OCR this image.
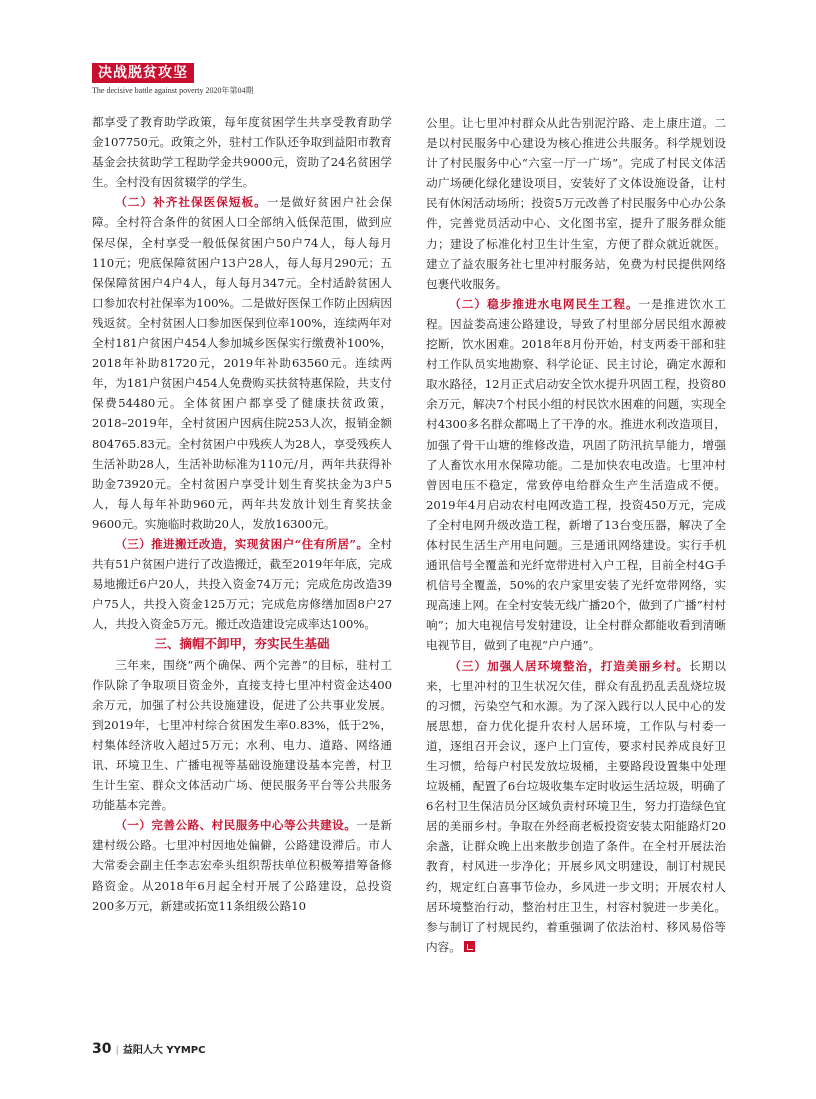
决战脱贫攻坚
The decisive battle against poverty 2020年第04期

都享受了教育助学政策，每年度贫困学生共享受教育助学金107750元。政策之外，驻村工作队还争取到益阳市教育基金会扶贫助学工程助学金共9000元，资助了24名贫困学生。全村没有因贫辍学的学生。

（二）补齐社保医保短板。一是做好贫困户社会保障。全村符合条件的贫困人口全部纳入低保范围，做到应保尽保，全村享受一般低保贫困户50户74人，每人每月110元；兜底保障贫困户13户28人，每人每月290元；五保保障贫困户4户4人，每人每月347元。全村适龄贫困人口参加农村社保率为100%。二是做好医保工作防止因病因残返贫。全村贫困人口参加医保到位率100%，连续两年对全村181户贫困户454人参加城乡医保实行缴费补100%，2018年补助81720元，2019年补助63560元。连续两年，为181户贫困户454人免费购买扶贫特惠保险，共支付保费54480元。全体贫困户都享受了健康扶贫政策，2018–2019年，全村贫困户因病住院253人次，报销金额804765.83元。全村贫困户中残疾人为28人，享受残疾人生活补助28人，生活补助标准为110元/月，两年共获得补助金73920元。全村贫困户享受计划生育奖扶金为3户5人，每人每年补助960元，两年共发放计划生育奖扶金9600元。实施临时救助20人，发放16300元。

（三）推进搬迁改造，实现贫困户“住有所居”。全村共有51户贫困户进行了改造搬迁，截至2019年年底，完成易地搬迁6户20人，共投入资金74万元；完成危房改造39户75人，共投入资金125万元；完成危房修缮加固8户27人，共投入资金5万元。搬迁改造建设完成率达100%。

三、摘帽不卸甲，夯实民生基础

三年来，围绕“两个确保、两个完善”的目标，驻村工作队除了争取项目资金外，直接支持七里冲村资金达400余万元，加强了村公共设施建设，促进了公共事业发展。到2019年，七里冲村综合贫困发生率0.83%，低于2%，村集体经济收入超过5万元；水利、电力、道路、网络通讯、环境卫生、广播电视等基础设施建设基本完善，村卫生计生室、群众文体活动广场、便民服务平台等公共服务功能基本完善。

（一）完善公路、村民服务中心等公共建设。一是新建村级公路。七里冲村因地处偏僻，公路建设滞后。市人大常委会副主任李志宏牵头组织帮扶单位积极筹措筹备修路资金。从2018年6月起全村开展了公路建设，总投资200多万元，新建或拓宽11条组级公路10

公里。让七里冲村群众从此告别泥泞路、走上康庄道。二是以村民服务中心建设为核心推进公共服务。科学规划设计了村民服务中心“六室一厅一广场”。完成了村民文体活动广场硬化绿化建设项目，安装好了文体设施设备，让村民有休闲活动场所；投资5万元改善了村民服务中心办公条件，完善党员活动中心、文化图书室，提升了服务群众能力；建设了标准化村卫生计生室，方便了群众就近就医。建立了益农服务社七里冲村服务站，免费为村民提供网络包裹代收服务。

（二）稳步推进水电网民生工程。一是推进饮水工程。因益娄高速公路建设，导致了村里部分居民组水源被挖断，饮水困难。2018年8月份开始，村支两委干部和驻村工作队员实地勘察、科学论证、民主讨论，确定水源和取水路径，12月正式启动安全饮水提升巩固工程，投资80余万元，解决7个村民小组的村民饮水困难的问题，实现全村4300多名群众都喝上了干净的水。推进水利改造项目，加强了骨干山塘的维修改造，巩固了防汛抗旱能力，增强了人畜饮水用水保障功能。二是加快农电改造。七里冲村曾因电压不稳定，常致停电给群众生产生活造成不便。2019年4月启动农村电网改造工程，投资450万元，完成了全村电网升级改造工程，新增了13台变压器，解决了全体村民生活生产用电问题。三是通讯网络建设。实行手机通讯信号全覆盖和光纤宽带进村入户工程，目前全村4G手机信号全覆盖，50%的农户家里安装了光纤宽带网络，实现高速上网。在全村安装无线广播20个，做到了广播“村村响”；加大电视信号发射建设，让全村群众都能收看到清晰电视节目，做到了电视“户户通”。

（三）加强人居环境整治，打造美丽乡村。长期以来，七里冲村的卫生状况欠佳，群众有乱扔乱丢乱烧垃圾的习惯，污染空气和水源。为了深入践行以人民中心的发展思想，奋力优化提升农村人居环境，工作队与村委一道，逐组召开会议，逐户上门宣传，要求村民养成良好卫生习惯，给每户村民发放垃圾桶，主要路段设置集中处理垃圾桶，配置了6台垃圾收集车定时收运生活垃圾，明确了6名村卫生保洁员分区域负责村环境卫生，努力打造绿色宜居的美丽乡村。争取在外经商老板投资安装太阳能路灯20余盏，让群众晚上出来散步创造了条件。在全村开展法治教育，村风进一步净化；开展乡风文明建设，制订村规民约，规定红白喜事节俭办，乡风进一步文明；开展农村人居环境整治行动，整治村庄卫生，村容村貌进一步美化。参与制订了村规民约，着重强调了依法治村、移风易俗等内容。

30 | 益阳人大 YYMPC
